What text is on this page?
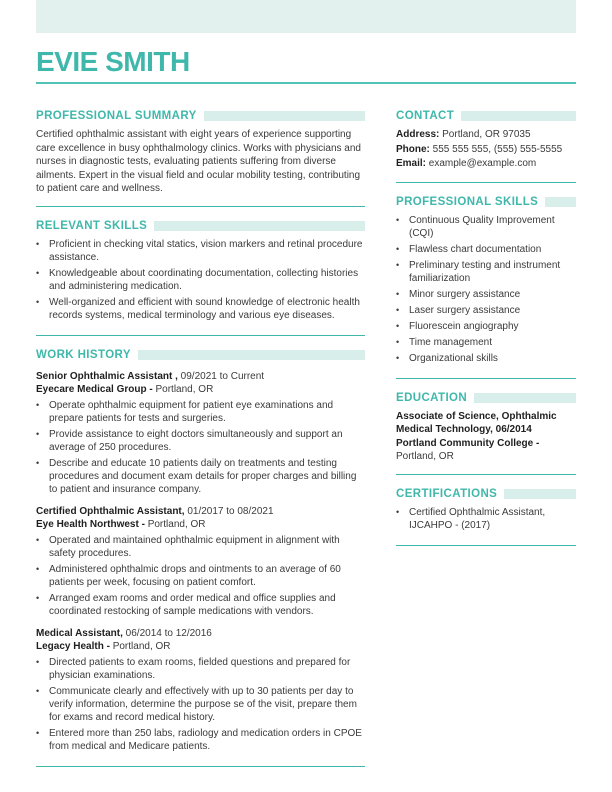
EVIE SMITH
PROFESSIONAL SUMMARY

Certified ophthalmic assistant with eight years of experience supporting care excellence in busy ophthalmology clinics. Works with physicians and nurses in diagnostic tests, evaluating patients suffering from diverse ailments. Expert in the visual field and ocular mobility testing, contributing to patient care and wellness.

RELEVANT SKILLS
• Proficient in checking vital statics, vision markers and retinal procedure assistance.
• Knowledgeable about coordinating documentation, collecting histories and administering medication.
• Well-organized and efficient with sound knowledge of electronic health records systems, medical terminology and various eye diseases.
WORK HISTORY
Senior Ophthalmic Assistant , 09/2021 to Current
Eyecare Medical Group - Portland, OR
• Operate ophthalmic equipment for patient eye examinations and prepare patients for tests and surgeries.
• Provide assistance to eight doctors simultaneously and support an average of 250 procedures.
• Describe and educate 10 patients daily on treatments and testing procedures and document exam details for proper charges and billing to patient and insurance company.
Certified Ophthalmic Assistant, 01/2017 to 08/2021
Eye Health Northwest - Portland, OR
• Operated and maintained ophthalmic equipment in alignment with safety procedures.
• Administered ophthalmic drops and ointments to an average of 60 patients per week, focusing on patient comfort.
• Arranged exam rooms and order medical and office supplies and coordinated restocking of sample medications with vendors.
Medical Assistant, 06/2014 to 12/2016
Legacy Health - Portland, OR
• Directed patients to exam rooms, fielded questions and prepared for physician examinations.
• Communicate clearly and effectively with up to 30 patients per day to verify information, determine the purpose se of the visit, prepare them for exams and record medical history.
• Entered more than 250 labs, radiology and medication orders in CPOE from medical and Medicare patients.
CONTACT
Address: Portland, OR 97035
Phone: 555 555 555, (555) 555-5555
Email: example@example.com
PROFESSIONAL SKILLS
• Continuous Quality Improvement (CQI)
• Flawless chart documentation
• Preliminary testing and instrument familiarization
• Minor surgery assistance
• Laser surgery assistance
• Fluorescein angiography
• Time management
• Organizational skills
EDUCATION

Associate of Science, Ophthalmic Medical Technology, 06/2014

Portland Community College - Portland, OR

CERTIFICATIONS
• Certified Ophthalmic Assistant, IJCAHPO - (2017)
